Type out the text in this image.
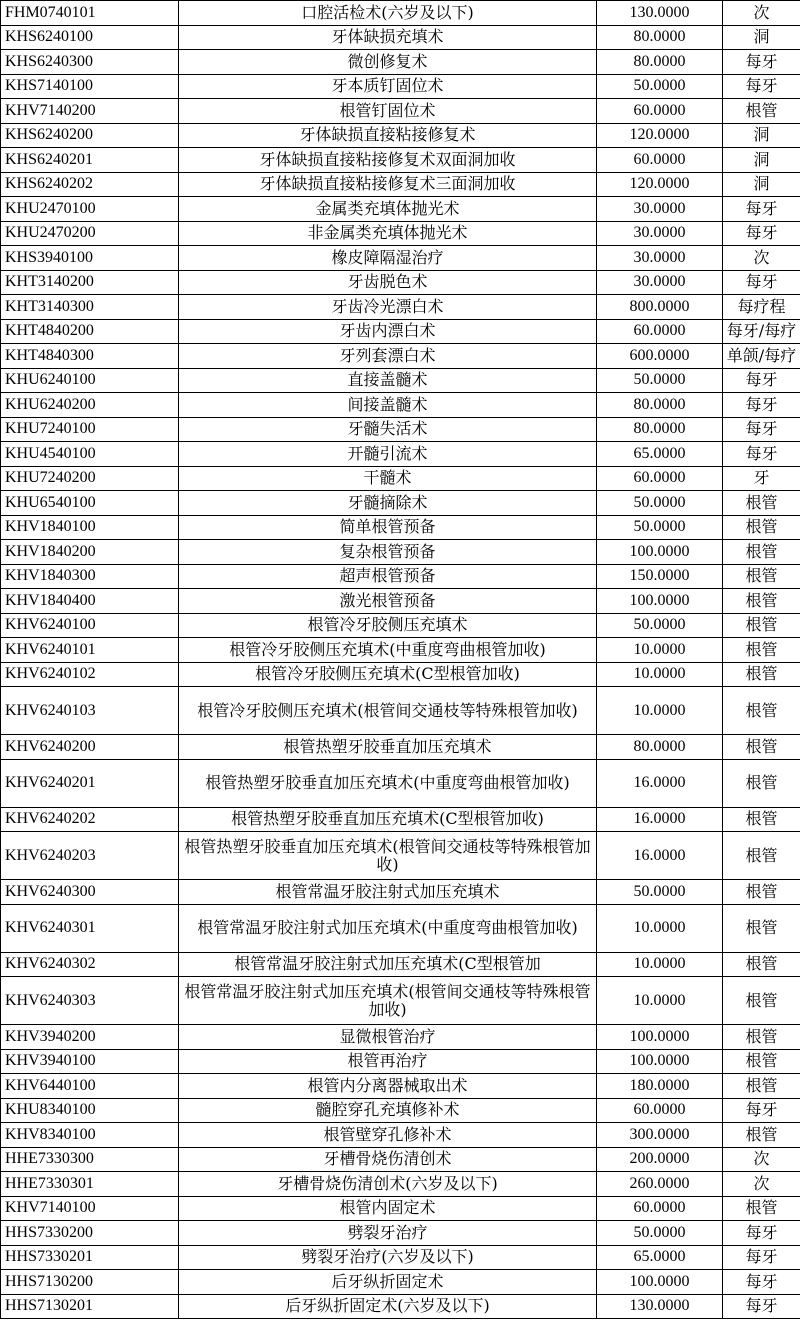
FHM0740101	口腔活检术(六岁及以下)	130.0000	次
KHS6240100	牙体缺损充填术	80.0000	洞
KHS6240300	微创修复术	80.0000	每牙
KHS7140100	牙本质钉固位术	50.0000	每牙
KHV7140200	根管钉固位术	60.0000	根管
KHS6240200	牙体缺损直接粘接修复术	120.0000	洞
KHS6240201	牙体缺损直接粘接修复术双面洞加收	60.0000	洞
KHS6240202	牙体缺损直接粘接修复术三面洞加收	120.0000	洞
KHU2470100	金属类充填体抛光术	30.0000	每牙
KHU2470200	非金属类充填体抛光术	30.0000	每牙
KHS3940100	橡皮障隔湿治疗	30.0000	次
KHT3140200	牙齿脱色术	30.0000	每牙
KHT3140300	牙齿冷光漂白术	800.0000	每疗程
KHT4840200	牙齿内漂白术	60.0000	每牙/每疗
KHT4840300	牙列套漂白术	600.0000	单颌/每疗
KHU6240100	直接盖髓术	50.0000	每牙
KHU6240200	间接盖髓术	80.0000	每牙
KHU7240100	牙髓失活术	80.0000	每牙
KHU4540100	开髓引流术	65.0000	每牙
KHU7240200	干髓术	60.0000	牙
KHU6540100	牙髓摘除术	50.0000	根管
KHV1840100	简单根管预备	50.0000	根管
KHV1840200	复杂根管预备	100.0000	根管
KHV1840300	超声根管预备	150.0000	根管
KHV1840400	激光根管预备	100.0000	根管
KHV6240100	根管冷牙胶侧压充填术	50.0000	根管
KHV6240101	根管冷牙胶侧压充填术(中重度弯曲根管加收)	10.0000	根管
KHV6240102	根管冷牙胶侧压充填术(C型根管加收)	10.0000	根管
KHV6240103	根管冷牙胶侧压充填术(根管间交通枝等特殊根管加收)	10.0000	根管
KHV6240200	根管热塑牙胶垂直加压充填术	80.0000	根管
KHV6240201	根管热塑牙胶垂直加压充填术(中重度弯曲根管加收)	16.0000	根管
KHV6240202	根管热塑牙胶垂直加压充填术(C型根管加收)	16.0000	根管
KHV6240203	根管热塑牙胶垂直加压充填术(根管间交通枝等特殊根管加收)	16.0000	根管
KHV6240300	根管常温牙胶注射式加压充填术	50.0000	根管
KHV6240301	根管常温牙胶注射式加压充填术(中重度弯曲根管加收)	10.0000	根管
KHV6240302	根管常温牙胶注射式加压充填术(C型根管加	10.0000	根管
KHV6240303	根管常温牙胶注射式加压充填术(根管间交通枝等特殊根管加收)	10.0000	根管
KHV3940200	显微根管治疗	100.0000	根管
KHV3940100	根管再治疗	100.0000	根管
KHV6440100	根管内分离器械取出术	180.0000	根管
KHU8340100	髓腔穿孔充填修补术	60.0000	每牙
KHV8340100	根管壁穿孔修补术	300.0000	根管
HHE7330300	牙槽骨烧伤清创术	200.0000	次
HHE7330301	牙槽骨烧伤清创术(六岁及以下)	260.0000	次
KHV7140100	根管内固定术	60.0000	根管
HHS7330200	劈裂牙治疗	50.0000	每牙
HHS7330201	劈裂牙治疗(六岁及以下)	65.0000	每牙
HHS7130200	后牙纵折固定术	100.0000	每牙
HHS7130201	后牙纵折固定术(六岁及以下)	130.0000	每牙
